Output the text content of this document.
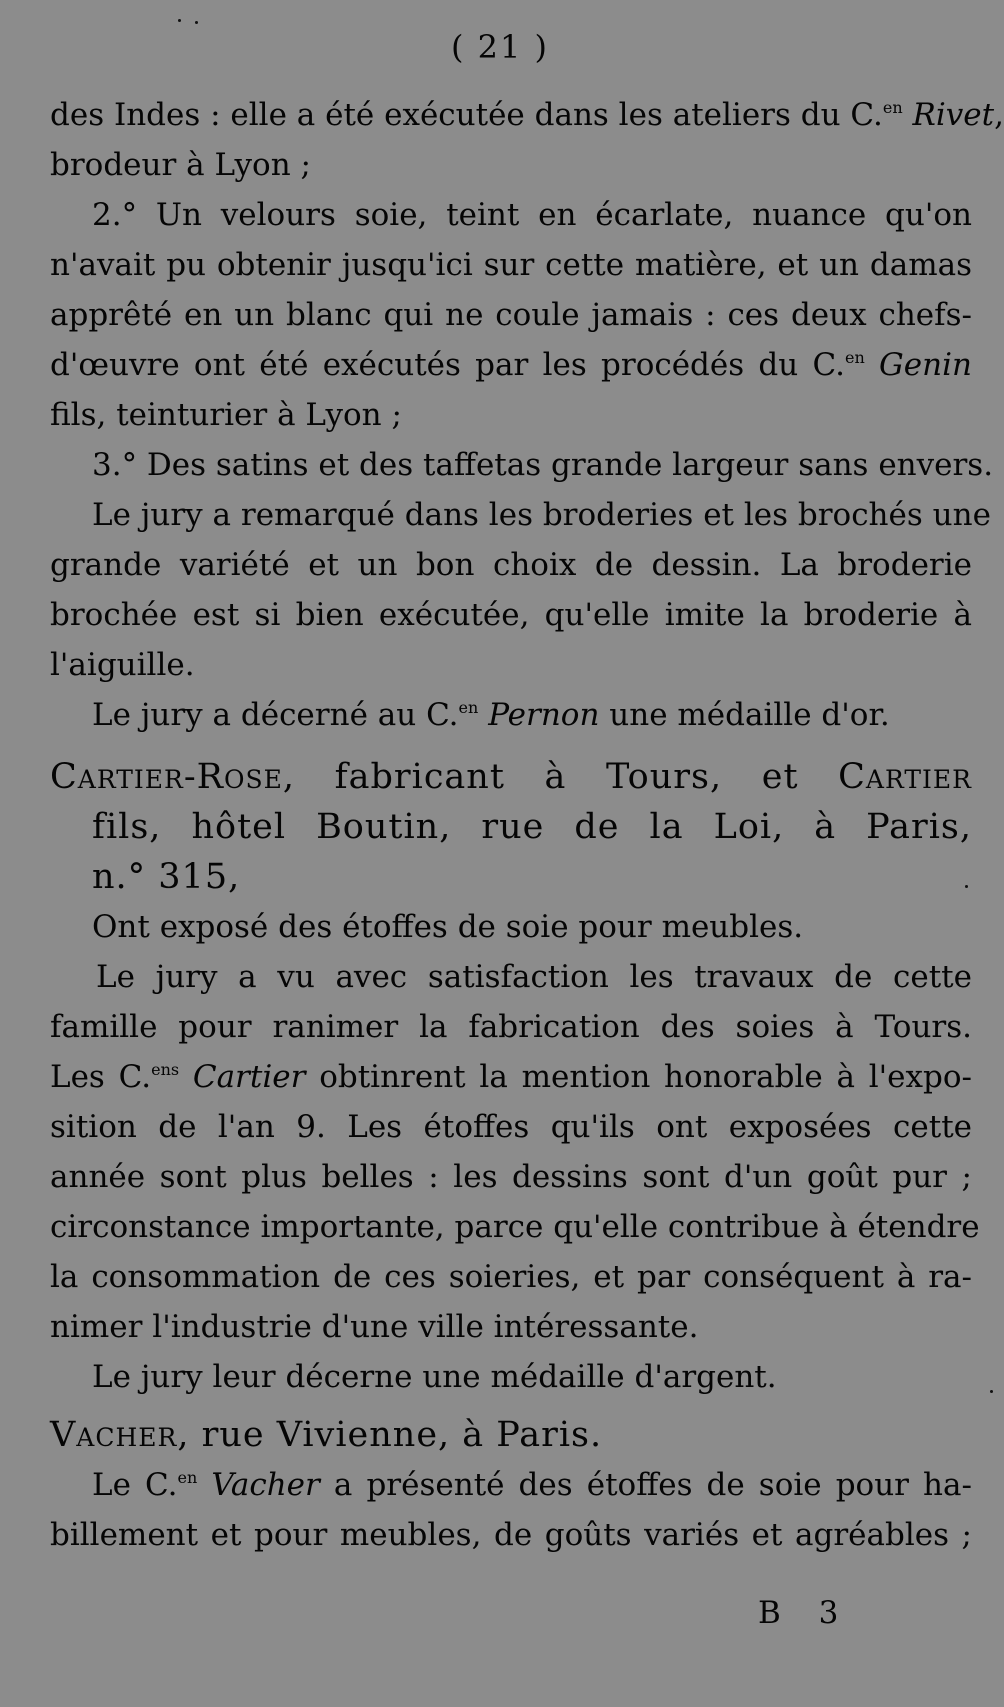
( 21 )
des Indes : elle a été exécutée dans les ateliers du C.$^{en}$ Rivet,
brodeur à Lyon ;
2.° Un velours soie, teint en écarlate, nuance qu'on
n'avait pu obtenir jusqu'ici sur cette matière, et un damas
apprêté en un blanc qui ne coule jamais : ces deux chefs-
d'œuvre ont été exécutés par les procédés du C.$^{en}$ Genin
fils, teinturier à Lyon ;
3.° Des satins et des taffetas grande largeur sans envers.
Le jury a remarqué dans les broderies et les brochés une
grande variété et un bon choix de dessin. La broderie
brochée est si bien exécutée, qu'elle imite la broderie à
l'aiguille.
Le jury a décerné au C.$^{en}$ Pernon une médaille d'or.
Cartier-Rose, fabricant à Tours, et Cartier
fils, hôtel Boutin, rue de la Loi, à Paris,
n.° 315,
Ont exposé des étoffes de soie pour meubles.
Le jury a vu avec satisfaction les travaux de cette
famille pour ranimer la fabrication des soies à Tours.
Les C.$^{ens}$ Cartier obtinrent la mention honorable à l'expo-
sition de l'an 9. Les étoffes qu'ils ont exposées cette
année sont plus belles : les dessins sont d'un goût pur ;
circonstance importante, parce qu'elle contribue à étendre
la consommation de ces soieries, et par conséquent à ra-
nimer l'industrie d'une ville intéressante.
Le jury leur décerne une médaille d'argent.
Vacher, rue Vivienne, à Paris.
Le C.$^{en}$ Vacher a présenté des étoffes de soie pour ha-
billement et pour meubles, de goûts variés et agréables ;
B 3
